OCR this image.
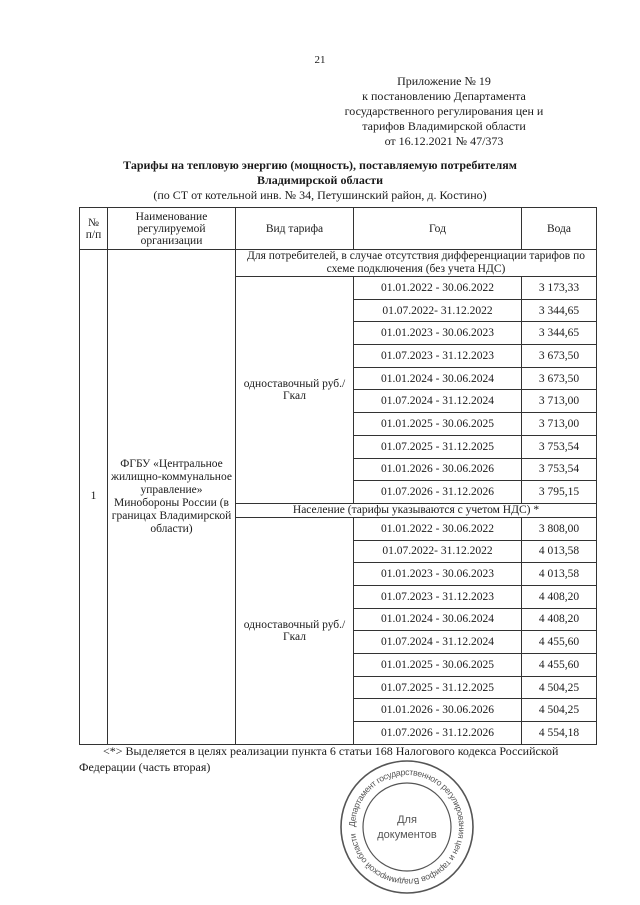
21
Приложение № 19
к постановлению Департамента
государственного регулирования цен и
тарифов Владимирской области
от 16.12.2021 № 47/373
Тарифы на тепловую энергию (мощность), поставляемую потребителям
Владимирской области
(по СТ от котельной инв. № 34, Петушинский район, д. Костино)
№ п/п	Наименование регулируемой организации	Вид тарифа	Год	Вода
1	ФГБУ «Центральное жилищно-коммунальное управление» Минобороны России (в границах Владимирской области)	Для потребителей, в случае отсутствия дифференциации тарифов по схеме подключения (без учета НДС)		
		одноставочный руб./Гкал	01.01.2022 - 30.06.2022	3 173,33
			01.07.2022- 31.12.2022	3 344,65
			01.01.2023 - 30.06.2023	3 344,65
			01.07.2023 - 31.12.2023	3 673,50
			01.01.2024 - 30.06.2024	3 673,50
			01.07.2024 - 31.12.2024	3 713,00
			01.01.2025 - 30.06.2025	3 713,00
			01.07.2025 - 31.12.2025	3 753,54
			01.01.2026 - 30.06.2026	3 753,54
			01.07.2026 - 31.12.2026	3 795,15
		Население (тарифы указываются с учетом НДС) *		
		одноставочный руб./Гкал	01.01.2022 - 30.06.2022	3 808,00
			01.07.2022- 31.12.2022	4 013,58
			01.01.2023 - 30.06.2023	4 013,58
			01.07.2023 - 31.12.2023	4 408,20
			01.01.2024 - 30.06.2024	4 408,20
			01.07.2024 - 31.12.2024	4 455,60
			01.01.2025 - 30.06.2025	4 455,60
			01.07.2025 - 31.12.2025	4 504,25
			01.01.2026 - 30.06.2026	4 504,25
			01.07.2026 - 31.12.2026	4 554,18
<*> Выделяется в целях реализации пункта 6 статьи 168 Налогового кодекса Российской Федерации (часть вторая)
Департамент государственного регулирования цен и тарифов Владимирской области
Для
документов
